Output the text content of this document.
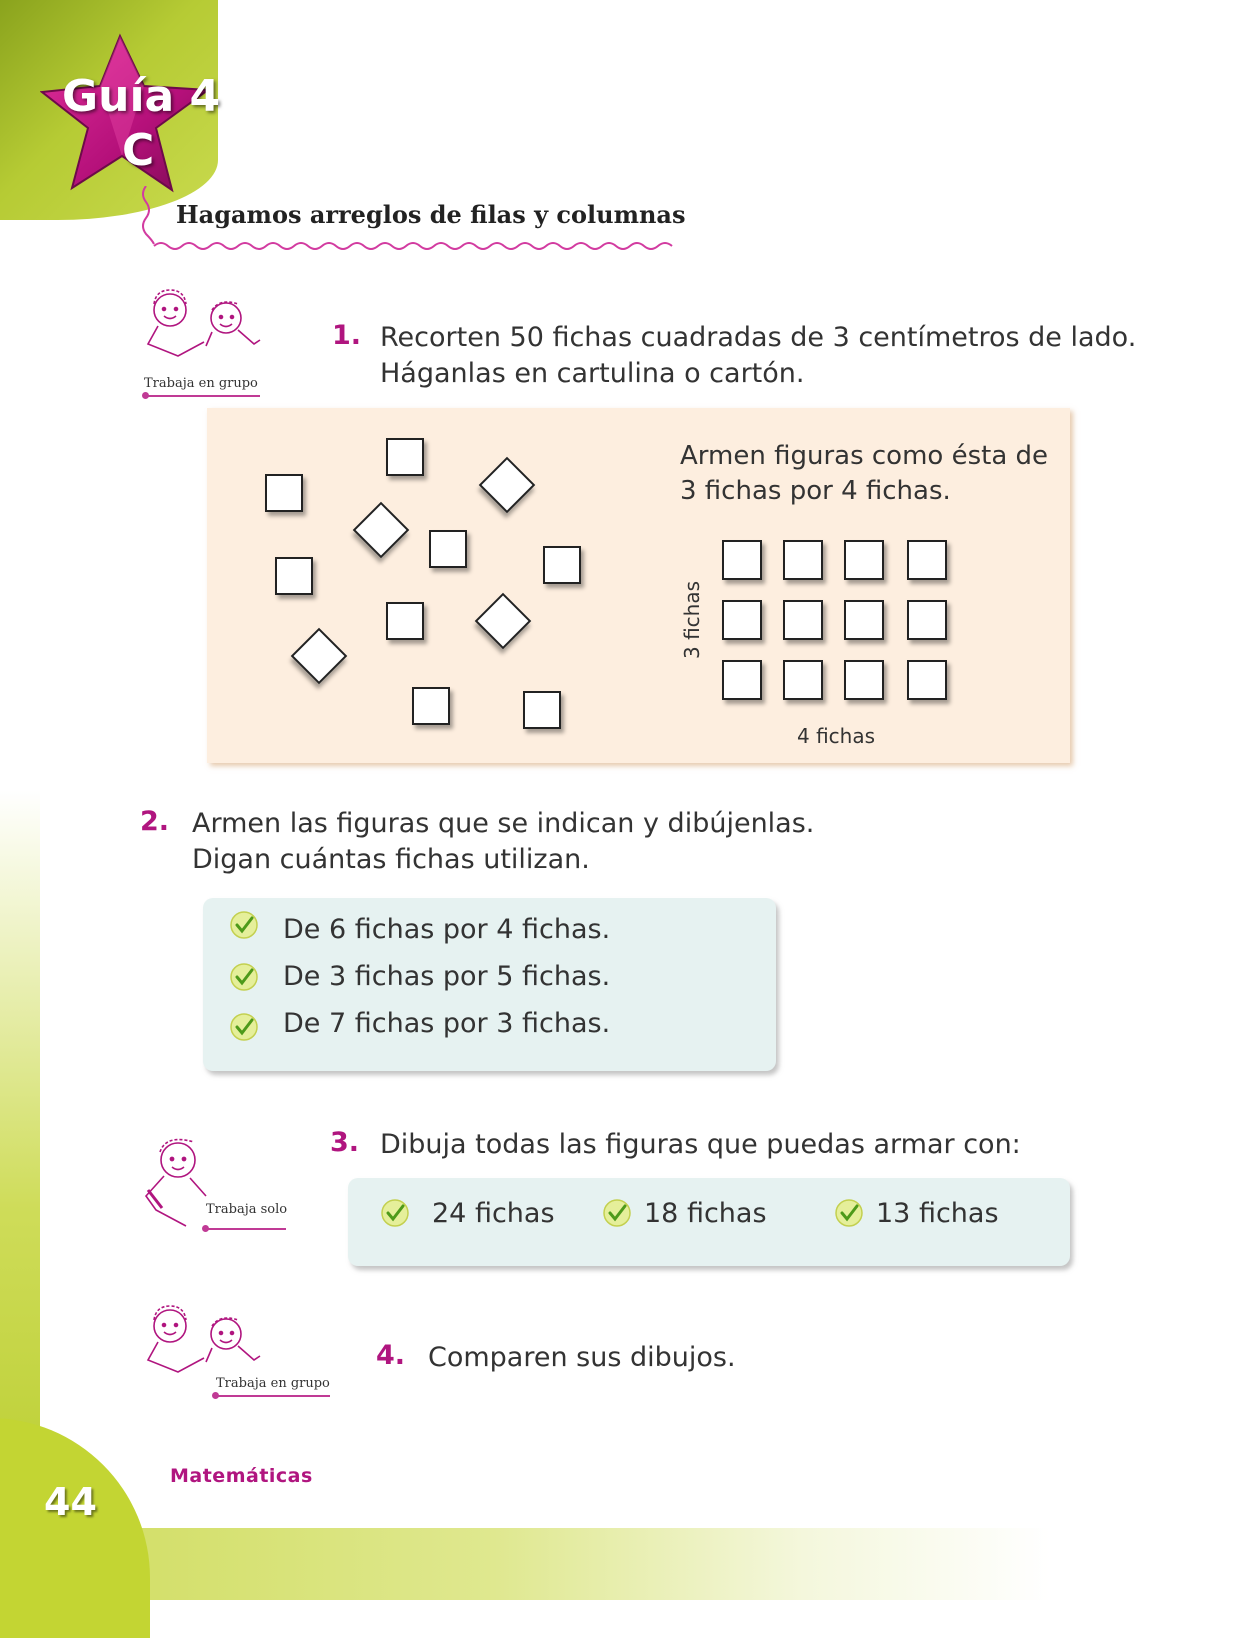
Guía 4
C
Hagamos arreglos de filas y columnas
Trabaja en grupo
1. Recorten 50 fichas cuadradas de 3 centímetros de lado.
Háganlas en cartulina o cartón.
Armen figuras como ésta de
3 fichas por 4 fichas.
3 fichas
4 fichas
2. Armen las figuras que se indican y dibújenlas.
Digan cuántas fichas utilizan.
De 6 fichas por 4 fichas.
De 3 fichas por 5 fichas.
De 7 fichas por 3 fichas.
Trabaja solo
3. Dibuja todas las figuras que puedas armar con:
24 fichas	18 fichas	13 fichas
Trabaja en grupo
4. Comparen sus dibujos.
44
Matemáticas
